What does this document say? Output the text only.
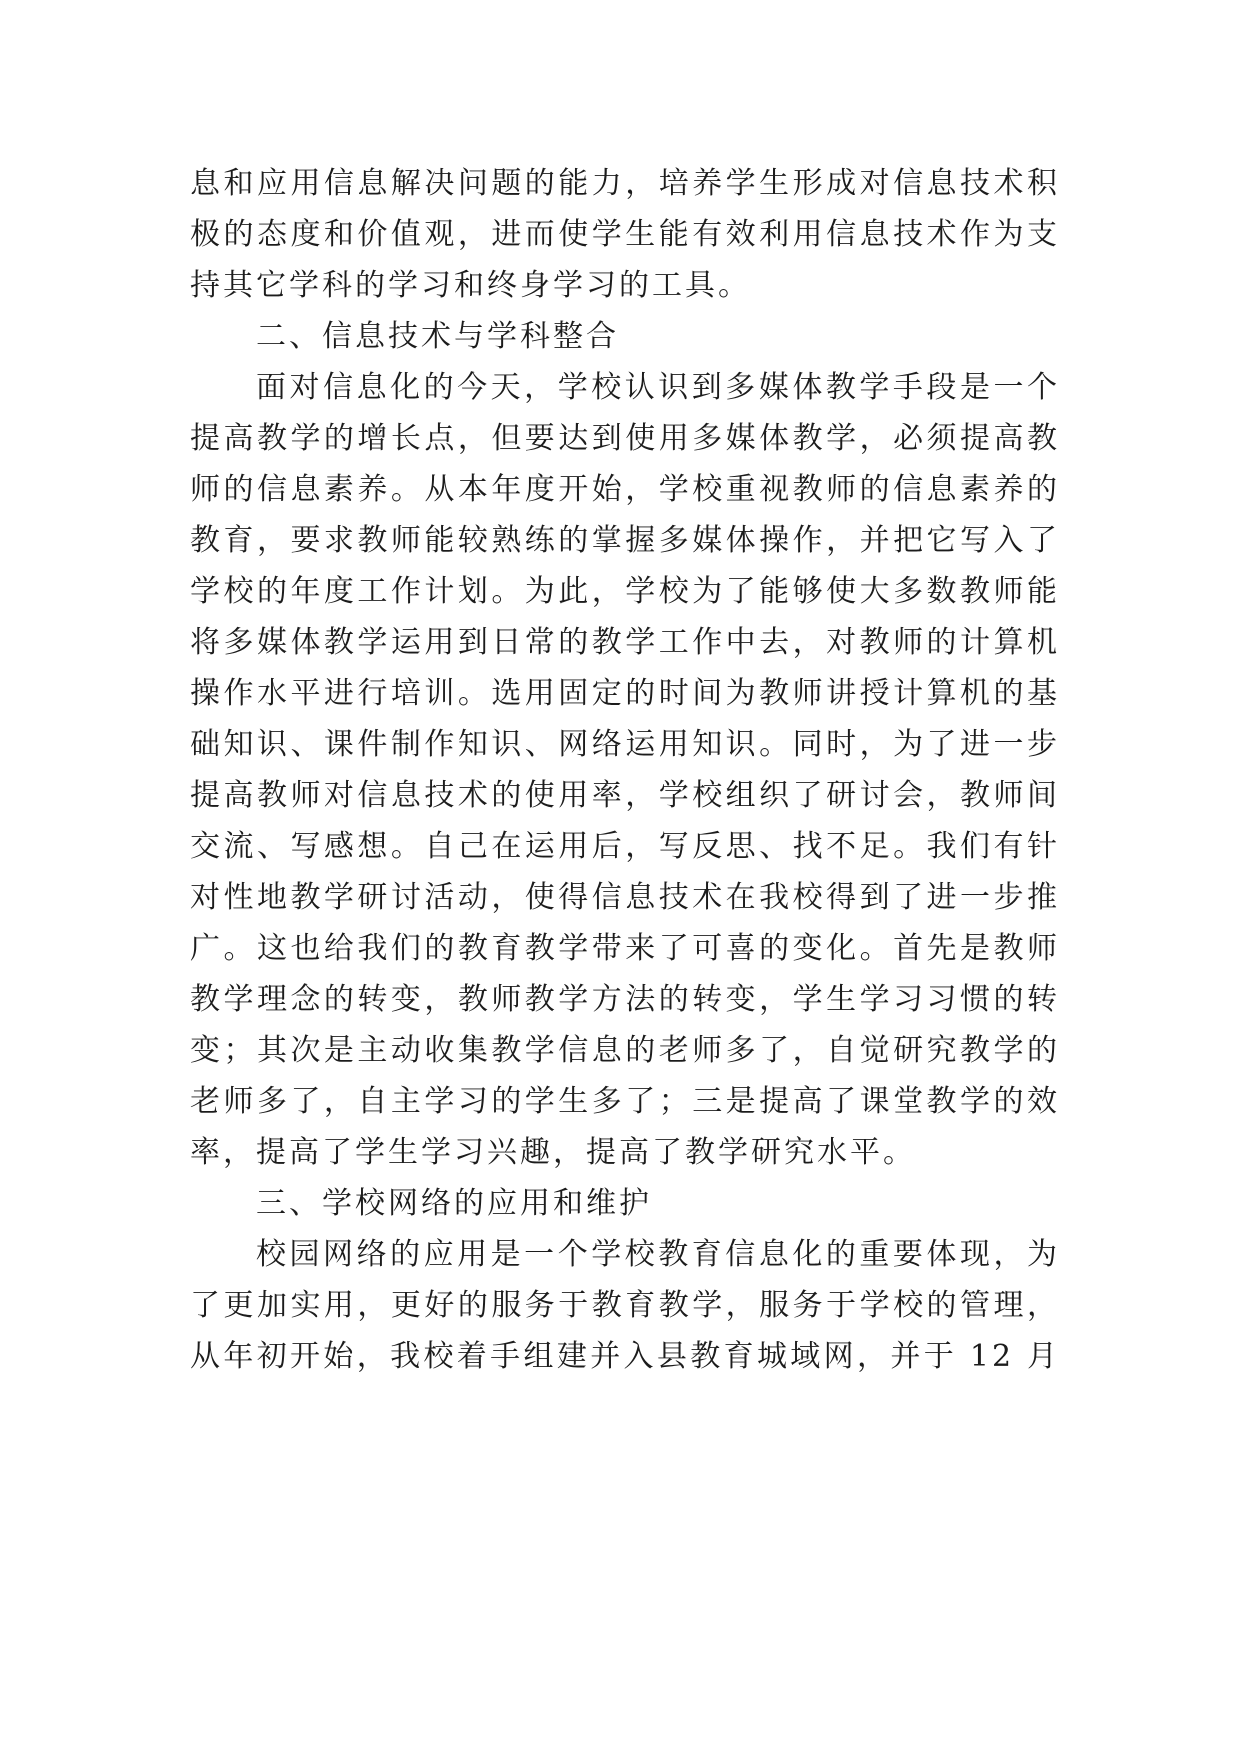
息和应用信息解决问题的能力，培养学生形成对信息技术积
极的态度和价值观，进而使学生能有效利用信息技术作为支
持其它学科的学习和终身学习的工具。
二、信息技术与学科整合
面对信息化的今天，学校认识到多媒体教学手段是一个
提高教学的增长点，但要达到使用多媒体教学，必须提高教
师的信息素养。从本年度开始，学校重视教师的信息素养的
教育，要求教师能较熟练的掌握多媒体操作，并把它写入了
学校的年度工作计划。为此，学校为了能够使大多数教师能
将多媒体教学运用到日常的教学工作中去，对教师的计算机
操作水平进行培训。选用固定的时间为教师讲授计算机的基
础知识、课件制作知识、网络运用知识。同时，为了进一步
提高教师对信息技术的使用率，学校组织了研讨会，教师间
交流、写感想。自己在运用后，写反思、找不足。我们有针
对性地教学研讨活动，使得信息技术在我校得到了进一步推
广。这也给我们的教育教学带来了可喜的变化。首先是教师
教学理念的转变，教师教学方法的转变，学生学习习惯的转
变；其次是主动收集教学信息的老师多了，自觉研究教学的
老师多了，自主学习的学生多了；三是提高了课堂教学的效
率，提高了学生学习兴趣，提高了教学研究水平。
三、学校网络的应用和维护
校园网络的应用是一个学校教育信息化的重要体现，为
了更加实用，更好的服务于教育教学，服务于学校的管理，
从年初开始，我校着手组建并入县教育城域网，并于 12 月
